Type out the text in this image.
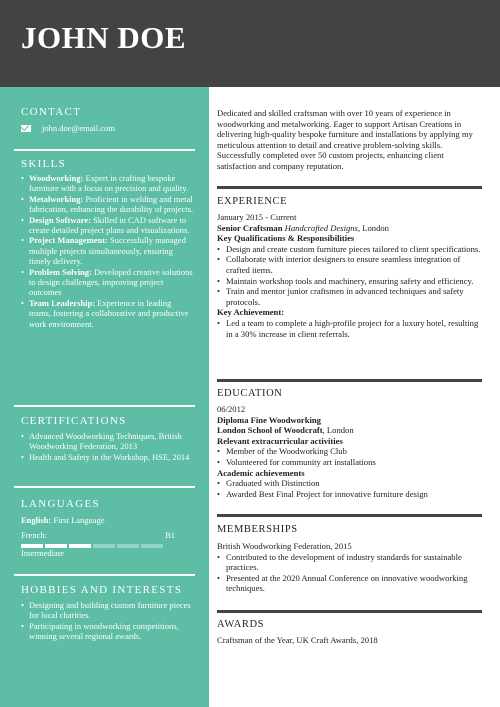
JOHN DOE
CONTACT
john.doe@email.com
SKILLS
• Woodworking: Expert in crafting bespoke furniture with a focus on precision and quality.
• Metalworking: Proficient in welding and metal fabrication, enhancing the durability of projects.
• Design Software: Skilled in CAD software to create detailed project plans and visualizations.
• Project Management: Successfully managed multiple projects simultaneously, ensuring timely delivery.
• Problem Solving: Developed creative solutions to design challenges, improving project outcomes
• Team Leadership: Experience in leading teams, fostering a collaborative and productive work environment.
CERTIFICATIONS
• Advanced Woodworking Techniques, British Woodworking Federation, 2013
• Health and Safety in the Workshop, HSE, 2014
LANGUAGES
English: First Language
French:	B1
Intermediate
HOBBIES AND INTERESTS
• Designing and building custom furniture pieces for local charities.
• Participating in woodworking competitions, winning several regional awards.

Dedicated and skilled craftsman with over 10 years of experience in woodworking and metalworking. Eager to support Artisan Creations in delivering high-quality bespoke furniture and installations by applying my meticulous attention to detail and creative problem-solving skills. Successfully completed over 50 custom projects, enhancing client satisfaction and company reputation.

EXPERIENCE

January 2015 - Current

Senior Craftsman Handcrafted Designs, London

Key Qualifications & Responsibilities

• Design and create custom furniture pieces tailored to client specifications.
• Collaborate with interior designers to ensure seamless integration of crafted items.
• Maintain workshop tools and machinery, ensuring safety and efficiency.
• Train and mentor junior craftsmen in advanced techniques and safety protocols.

Key Achievement:

• Led a team to complete a high-profile project for a luxury hotel, resulting in a 30% increase in client referrals.
EDUCATION

06/2012

Diploma Fine Woodworking

London School of Woodcraft, London

Relevant extracurricular activities

• Member of the Woodworking Club
• Volunteered for community art installations

Academic achievements

• Graduated with Distinction
• Awarded Best Final Project for innovative furniture design
MEMBERSHIPS

British Woodworking Federation, 2015

• Contributed to the development of industry standards for sustainable practices.
• Presented at the 2020 Annual Conference on innovative woodworking techniques.
AWARDS
Craftsman of the Year, UK Craft Awards, 2018
